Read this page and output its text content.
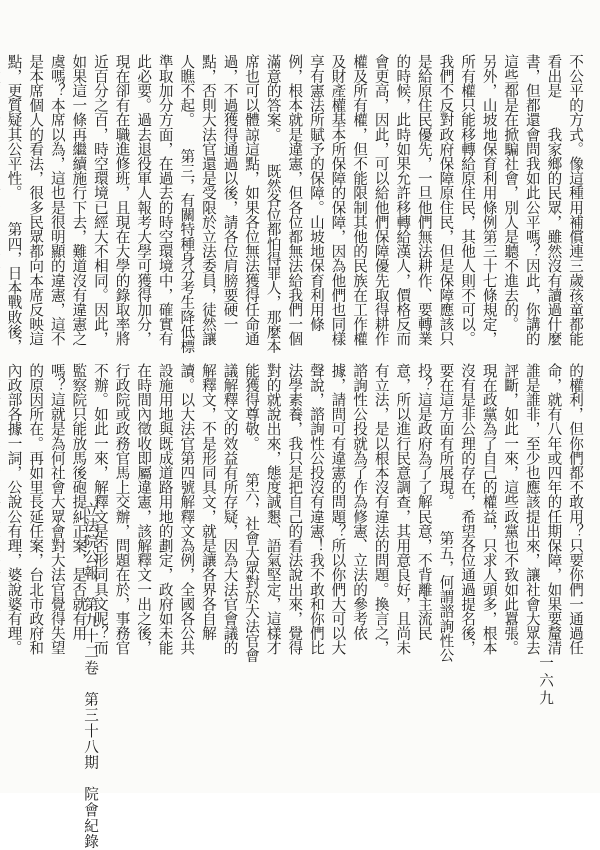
不公平的方式。像這種用補償連三歲孩童都能看出是　　我家鄉的民眾，雖然沒有讀過什麼書，但都還會問我如此公平嗎？因此，你講的這些都是在掀騙社會，別人是聽不進去的。　　另外，山坡地保育利用條例第三十七條規定，所有權只能移轉給原住民，其他人則不可以。我們不反對政府保障原住民，但是保障應該只是給原住民優先，一旦他們無法耕作、要轉業的時候，此時如果允許移轉給漢人，價格反而會更高，因此，可以給他們保障優先取得耕作權及所有權，但不能限制其他的民族在工作權及財產權基本所保障的保障，因為他們也同樣享有憲法所賦予的保障。山坡地保育利用條例，根本就是違憲，但各位都無法給我們一個滿意的答案。　　既然各位都怕得罪人，那麼本席也可以體諒這點，如果各位無法獲得任命通過，不過獲得通過以後，請各位肩膀要硬一點，否則大法官還是受限於立法委員，徒然讓人瞧不起。　　第三，有關特種身分考生降低標準取加分方面，在過去的時空環境中，確實有此必要。過去退役軍人報考大學可獲得加分，現在卻有在職進修班，且現在大學的錄取率將近百分之百，時空環境已經大不相同。因此，如果這一條再繼續施行下去，難道沒有違憲之虞嗎？本席以為，這也是很明顯的違憲，這不是本席個人的看法，很多民眾都向本席反映這點，更質疑其公平性。　　第四，日本戰敗後，

的權利，但你們都不敢用？只要你們一通過任命，就有八年或四年的任期保障，如果要釐清誰是誰非，至少也應該提出來，讓社會大眾去評斷，如此一來，這些政黨也不致如此囂張。現在政黨為了自己的權益，只求人頭多，根本沒有是非公理的存在，希望各位通過提名後，要在這方面有所展現。　　第五，何謂諮詢性公投？這是政府為了了解民意，不背離主流民意，所以進行民意調查，其用意良好，且尚未有立法，是以根本沒有違法的問題。換言之，諮詢性公投就為了作為修憲、立法的參考依據，請問可有違憲的問題？所以你們大可以大聲說，諮詢性公投沒有違憲！我不敢和你們比法學素養，我只是把自己的看法說出來，覺得對的就說出來，態度誠懇、語氣堅定，這樣才能獲得尊敬。　　第六，社會大眾對於大法官會議解釋文的效益有所存疑，因為大法官會議的解釋文，不是形同具文，就是讓各界各自解讀。以大法官第四號解釋文為例，全國各公共設施用地與既成道路用地的劃定，政府如未能在時間內徵收即屬違憲，該解釋文一出之後，行政院或政務官馬上交辦，問題在於，事務官不辦。如此一來，解釋文是否形同具文呢？而監察院只能放馬後砲提糾正案，是否就有用嗎？這就是為何社會大眾會對大法官覺得失望的原因所在。再如里長延任案，台北市政府和內政部各據一詞，公說公有理，婆說婆有理。　　	立法院公報　第九十二卷　第三十八期　院會紀錄	一六九
